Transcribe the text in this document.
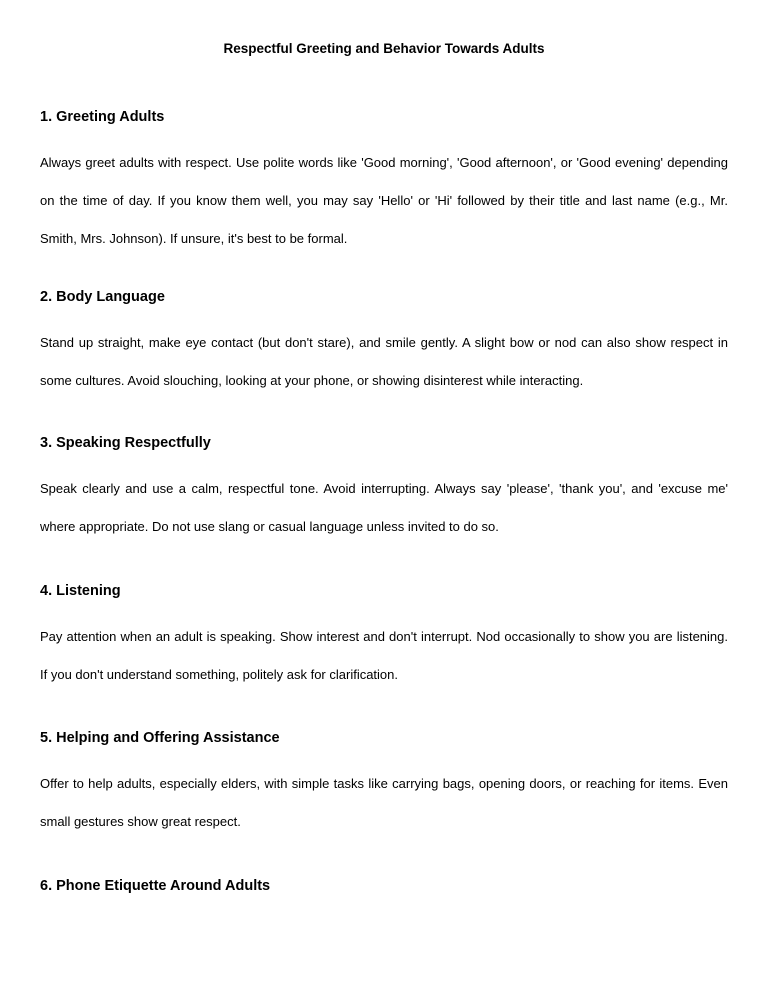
Respectful Greeting and Behavior Towards Adults
1. Greeting Adults

Always greet adults with respect. Use polite words like 'Good morning', 'Good afternoon', or 'Good evening' depending on the time of day. If you know them well, you may say 'Hello' or 'Hi' followed by their title and last name (e.g., Mr. Smith, Mrs. Johnson). If unsure, it's best to be formal.

2. Body Language

Stand up straight, make eye contact (but don't stare), and smile gently. A slight bow or nod can also show respect in some cultures. Avoid slouching, looking at your phone, or showing disinterest while interacting.

3. Speaking Respectfully

Speak clearly and use a calm, respectful tone. Avoid interrupting. Always say 'please', 'thank you', and 'excuse me' where appropriate. Do not use slang or casual language unless invited to do so.

4. Listening

Pay attention when an adult is speaking. Show interest and don't interrupt. Nod occasionally to show you are listening. If you don't understand something, politely ask for clarification.

5. Helping and Offering Assistance

Offer to help adults, especially elders, with simple tasks like carrying bags, opening doors, or reaching for items. Even small gestures show great respect.

6. Phone Etiquette Around Adults
